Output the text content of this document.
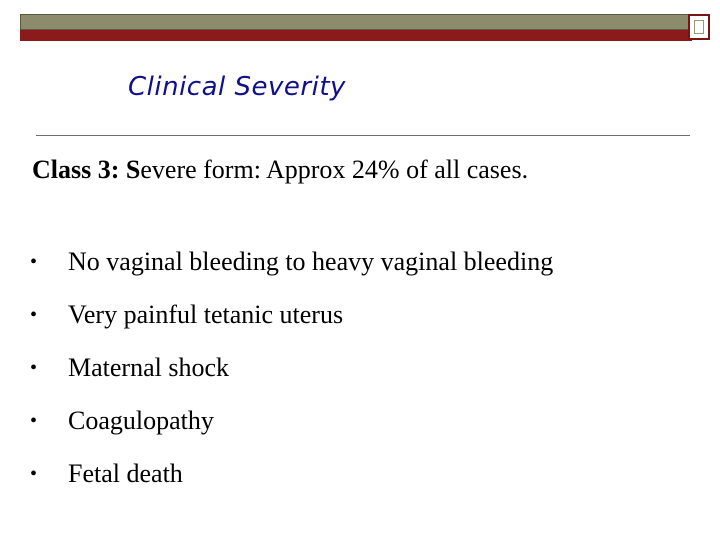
Clinical Severity
Class 3: Severe form: Approx 24% of all cases.
•	No vaginal bleeding to heavy vaginal bleeding
•	Very painful tetanic uterus
•	Maternal shock
•	Coagulopathy
•	Fetal death
